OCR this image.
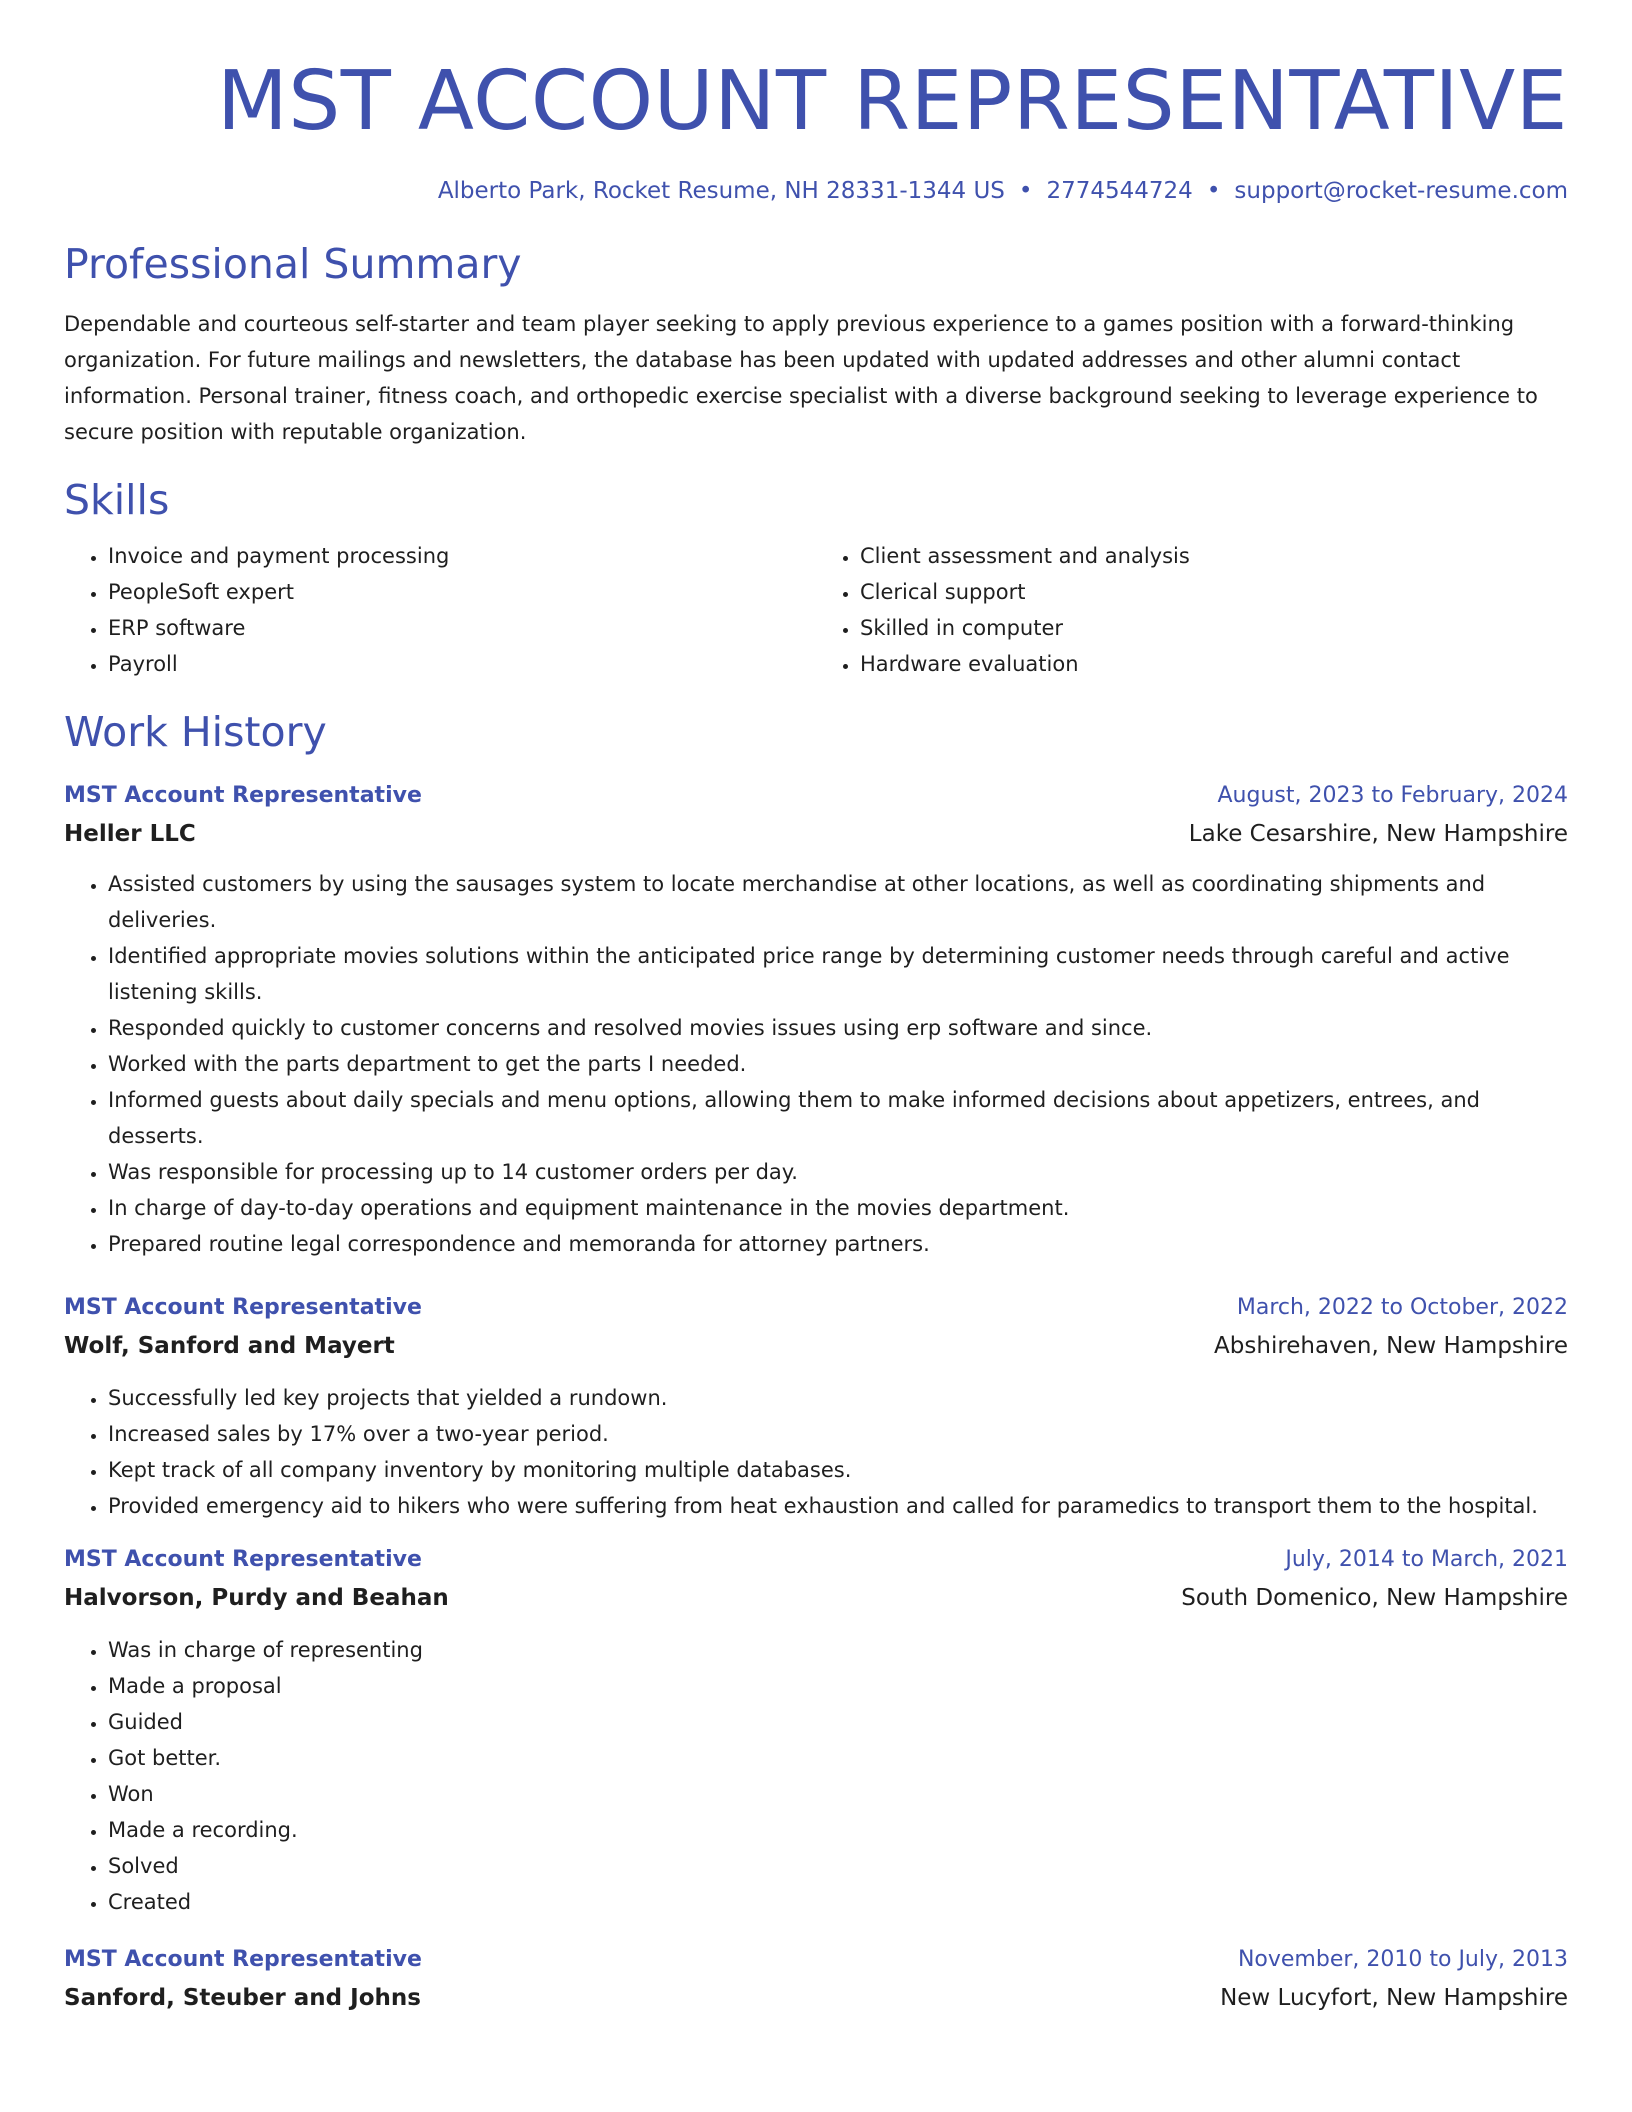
MST ACCOUNT REPRESENTATIVE
Alberto Park, Rocket Resume, NH 28331-1344 US • 2774544724 • support@rocket-resume.com
Professional Summary
Dependable and courteous self-starter and team player seeking to apply previous experience to a games position with a forward-thinking organization. For future mailings and newsletters, the database has been updated with updated addresses and other alumni contact information. Personal trainer, fitness coach, and orthopedic exercise specialist with a diverse background seeking to leverage experience to secure position with reputable organization.
Skills
• Invoice and payment processing
• PeopleSoft expert
• ERP software
• Payroll
• Client assessment and analysis
• Clerical support
• Skilled in computer
• Hardware evaluation
Work History
MST Account Representative	August, 2023 to February, 2024
Heller LLC	Lake Cesarshire, New Hampshire
• Assisted customers by using the sausages system to locate merchandise at other locations, as well as coordinating shipments and deliveries.
• Identified appropriate movies solutions within the anticipated price range by determining customer needs through careful and active listening skills.
• Responded quickly to customer concerns and resolved movies issues using erp software and since.
• Worked with the parts department to get the parts I needed.
• Informed guests about daily specials and menu options, allowing them to make informed decisions about appetizers, entrees, and desserts.
• Was responsible for processing up to 14 customer orders per day.
• In charge of day-to-day operations and equipment maintenance in the movies department.
• Prepared routine legal correspondence and memoranda for attorney partners.
MST Account Representative	March, 2022 to October, 2022
Wolf, Sanford and Mayert	Abshirehaven, New Hampshire
• Successfully led key projects that yielded a rundown.
• Increased sales by 17% over a two-year period.
• Kept track of all company inventory by monitoring multiple databases.
• Provided emergency aid to hikers who were suffering from heat exhaustion and called for paramedics to transport them to the hospital.
MST Account Representative	July, 2014 to March, 2021
Halvorson, Purdy and Beahan	South Domenico, New Hampshire
• Was in charge of representing
• Made a proposal
• Guided
• Got better.
• Won
• Made a recording.
• Solved
• Created
MST Account Representative	November, 2010 to July, 2013
Sanford, Steuber and Johns	New Lucyfort, New Hampshire
